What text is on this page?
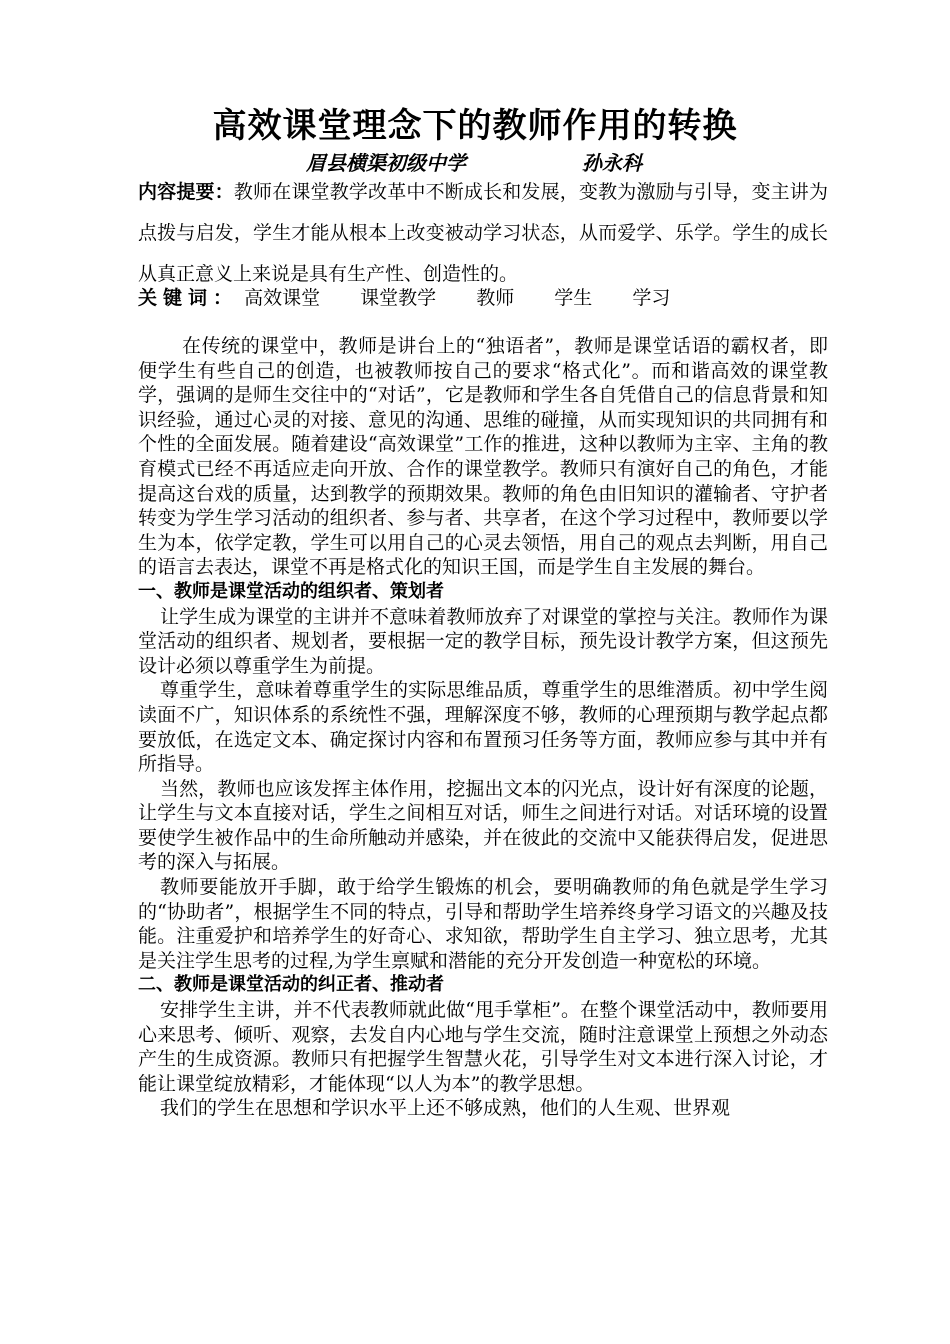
高效课堂理念下的教师作用的转换
眉县横渠初级中学	孙永科
内容提要：教师在课堂教学改革中不断成长和发展，变教为激励与引导，变主讲为点拨与启发，学生才能从根本上改变被动学习状态，从而爱学、乐学。学生的成长从真正意义上来说是具有生产性、创造性的。
关键词： 高效课堂 课堂教学 教师 学生 学习

在传统的课堂中，教师是讲台上的“独语者”，教师是课堂话语的霸权者，即便学生有些自己的创造，也被教师按自己的要求“格式化”。而和谐高效的课堂教学，强调的是师生交往中的“对话”，它是教师和学生各自凭借自己的信息背景和知识经验，通过心灵的对接、意见的沟通、思维的碰撞，从而实现知识的共同拥有和个性的全面发展。随着建设“高效课堂”工作的推进，这种以教师为主宰、主角的教育模式已经不再适应走向开放、合作的课堂教学。教师只有演好自己的角色，才能提高这台戏的质量，达到教学的预期效果。教师的角色由旧知识的灌输者、守护者转变为学生学习活动的组织者、参与者、共享者，在这个学习过程中，教师要以学生为本，依学定教，学生可以用自己的心灵去领悟，用自己的观点去判断，用自己的语言去表达，课堂不再是格式化的知识王国，而是学生自主发展的舞台。

一、教师是课堂活动的组织者、策划者

让学生成为课堂的主讲并不意味着教师放弃了对课堂的掌控与关注。教师作为课堂活动的组织者、规划者，要根据一定的教学目标，预先设计教学方案，但这预先设计必须以尊重学生为前提。

尊重学生，意味着尊重学生的实际思维品质，尊重学生的思维潜质。初中学生阅读面不广，知识体系的系统性不强，理解深度不够，教师的心理预期与教学起点都要放低，在选定文本、确定探讨内容和布置预习任务等方面，教师应参与其中并有所指导。

当然，教师也应该发挥主体作用，挖掘出文本的闪光点，设计好有深度的论题，让学生与文本直接对话，学生之间相互对话，师生之间进行对话。对话环境的设置要使学生被作品中的生命所触动并感染，并在彼此的交流中又能获得启发，促进思考的深入与拓展。

教师要能放开手脚，敢于给学生锻炼的机会，要明确教师的角色就是学生学习的“协助者”，根据学生不同的特点，引导和帮助学生培养终身学习语文的兴趣及技能。注重爱护和培养学生的好奇心、求知欲，帮助学生自主学习、独立思考，尤其是关注学生思考的过程,为学生禀赋和潜能的充分开发创造一种宽松的环境。

二、教师是课堂活动的纠正者、推动者

安排学生主讲，并不代表教师就此做“甩手掌柜”。在整个课堂活动中，教师要用心来思考、倾听、观察，去发自内心地与学生交流，随时注意课堂上预想之外动态产生的生成资源。教师只有把握学生智慧火花，引导学生对文本进行深入讨论，才能让课堂绽放精彩，才能体现“以人为本”的教学思想。

我们的学生在思想和学识水平上还不够成熟，他们的人生观、世界观
